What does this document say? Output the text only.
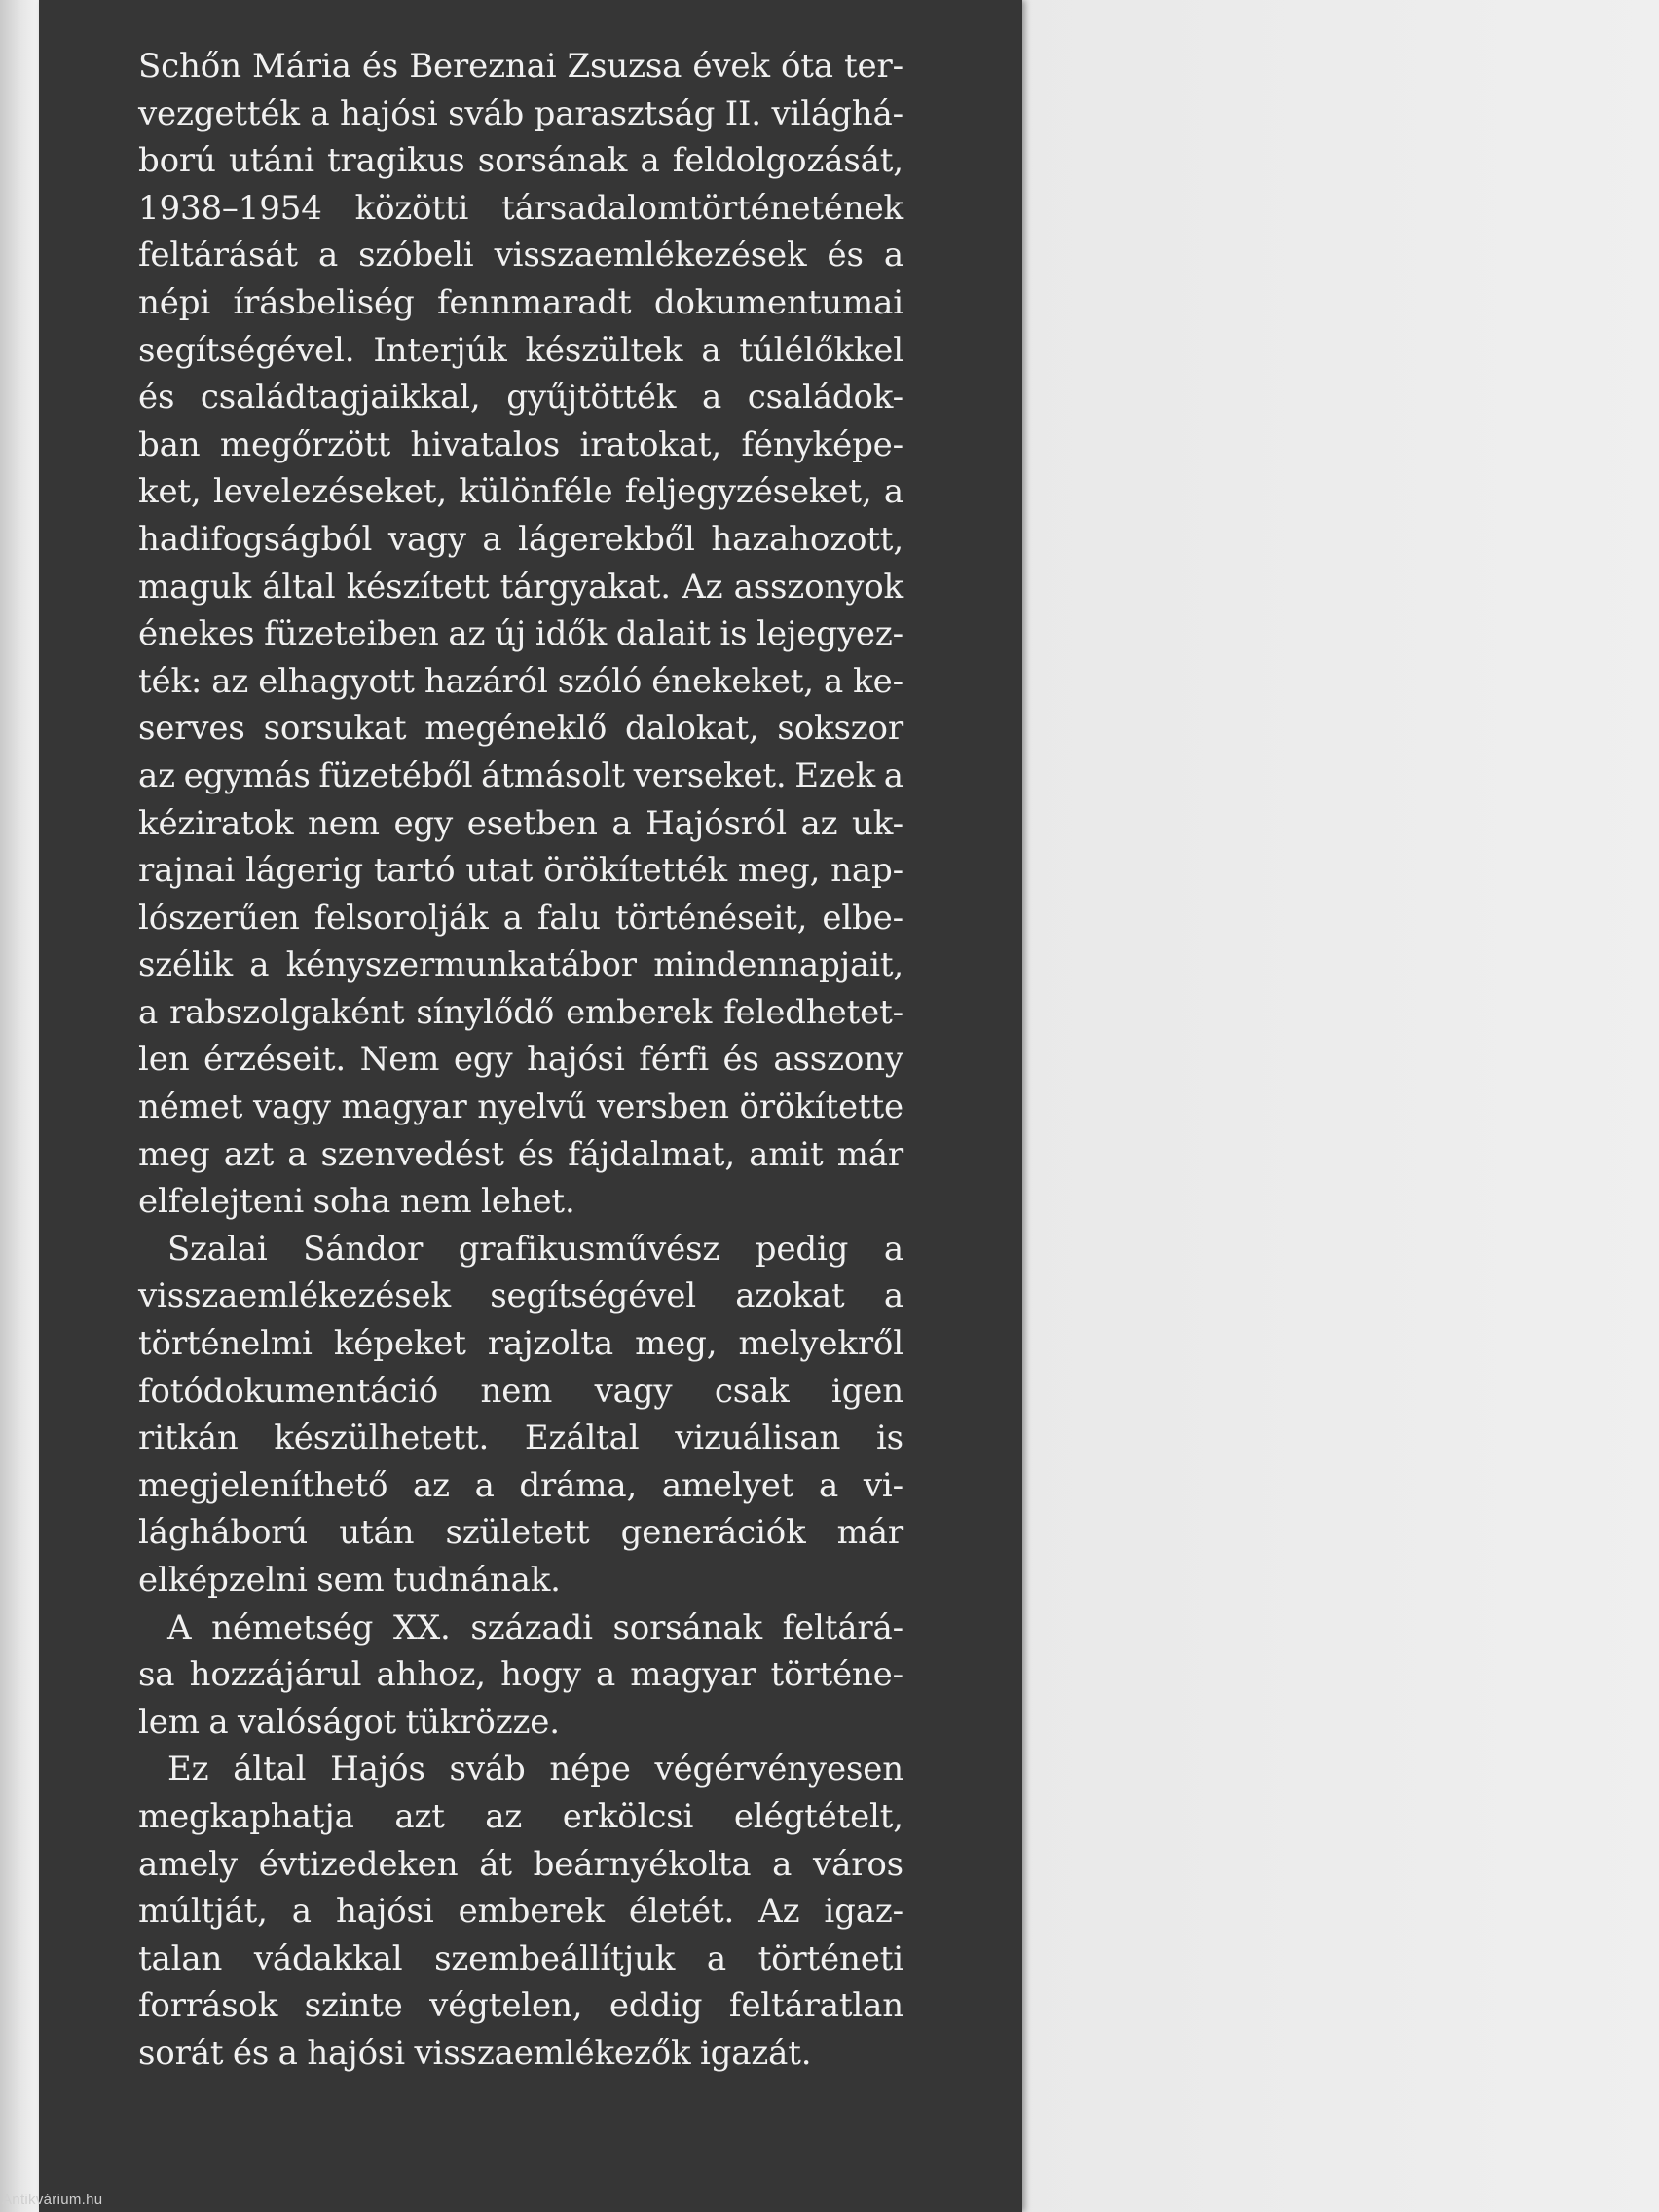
Schőn Mária és Bereznai Zsuzsa évek óta ter-
vezgették a hajósi sváb parasztság II. világhá-
ború utáni tragikus sorsának a feldolgozását,
1938–1954 közötti társadalomtörténetének
feltárását a szóbeli visszaemlékezések és a
népi írásbeliség fennmaradt dokumentumai
segítségével. Interjúk készültek a túlélőkkel
és családtagjaikkal, gyűjtötték a családok-
ban megőrzött hivatalos iratokat, fényképe-
ket, levelezéseket, különféle feljegyzéseket, a
hadifogságból vagy a lágerekből hazahozott,
maguk által készített tárgyakat. Az asszonyok
énekes füzeteiben az új idők dalait is lejegyez-
ték: az elhagyott hazáról szóló énekeket, a ke-
serves sorsukat megéneklő dalokat, sokszor
az egymás füzetéből átmásolt verseket. Ezek a
kéziratok nem egy esetben a Hajósról az uk-
rajnai lágerig tartó utat örökítették meg, nap-
lószerűen felsorolják a falu történéseit, elbe-
szélik a kényszermunkatábor mindennapjait,
a rabszolgaként sínylődő emberek feledhetet-
len érzéseit. Nem egy hajósi férfi és asszony
német vagy magyar nyelvű versben örökítette
meg azt a szenvedést és fájdalmat, amit már
elfelejteni soha nem lehet.
Szalai Sándor grafikusművész pedig a
visszaemlékezések segítségével azokat a
történelmi képeket rajzolta meg, melyekről
fotódokumentáció nem vagy csak igen
ritkán készülhetett. Ezáltal vizuálisan is
megjeleníthető az a dráma, amelyet a vi-
lágháború után született generációk már
elképzelni sem tudnának.
A németség XX. századi sorsának feltárá-
sa hozzájárul ahhoz, hogy a magyar történe-
lem a valóságot tükrözze.
Ez által Hajós sváb népe végérvényesen
megkaphatja azt az erkölcsi elégtételt,
amely évtizedeken át beárnyékolta a város
múltját, a hajósi emberek életét. Az igaz-
talan vádakkal szembeállítjuk a történeti
források szinte végtelen, eddig feltáratlan
sorát és a hajósi visszaemlékezők igazát.
Antikvárium.hu
